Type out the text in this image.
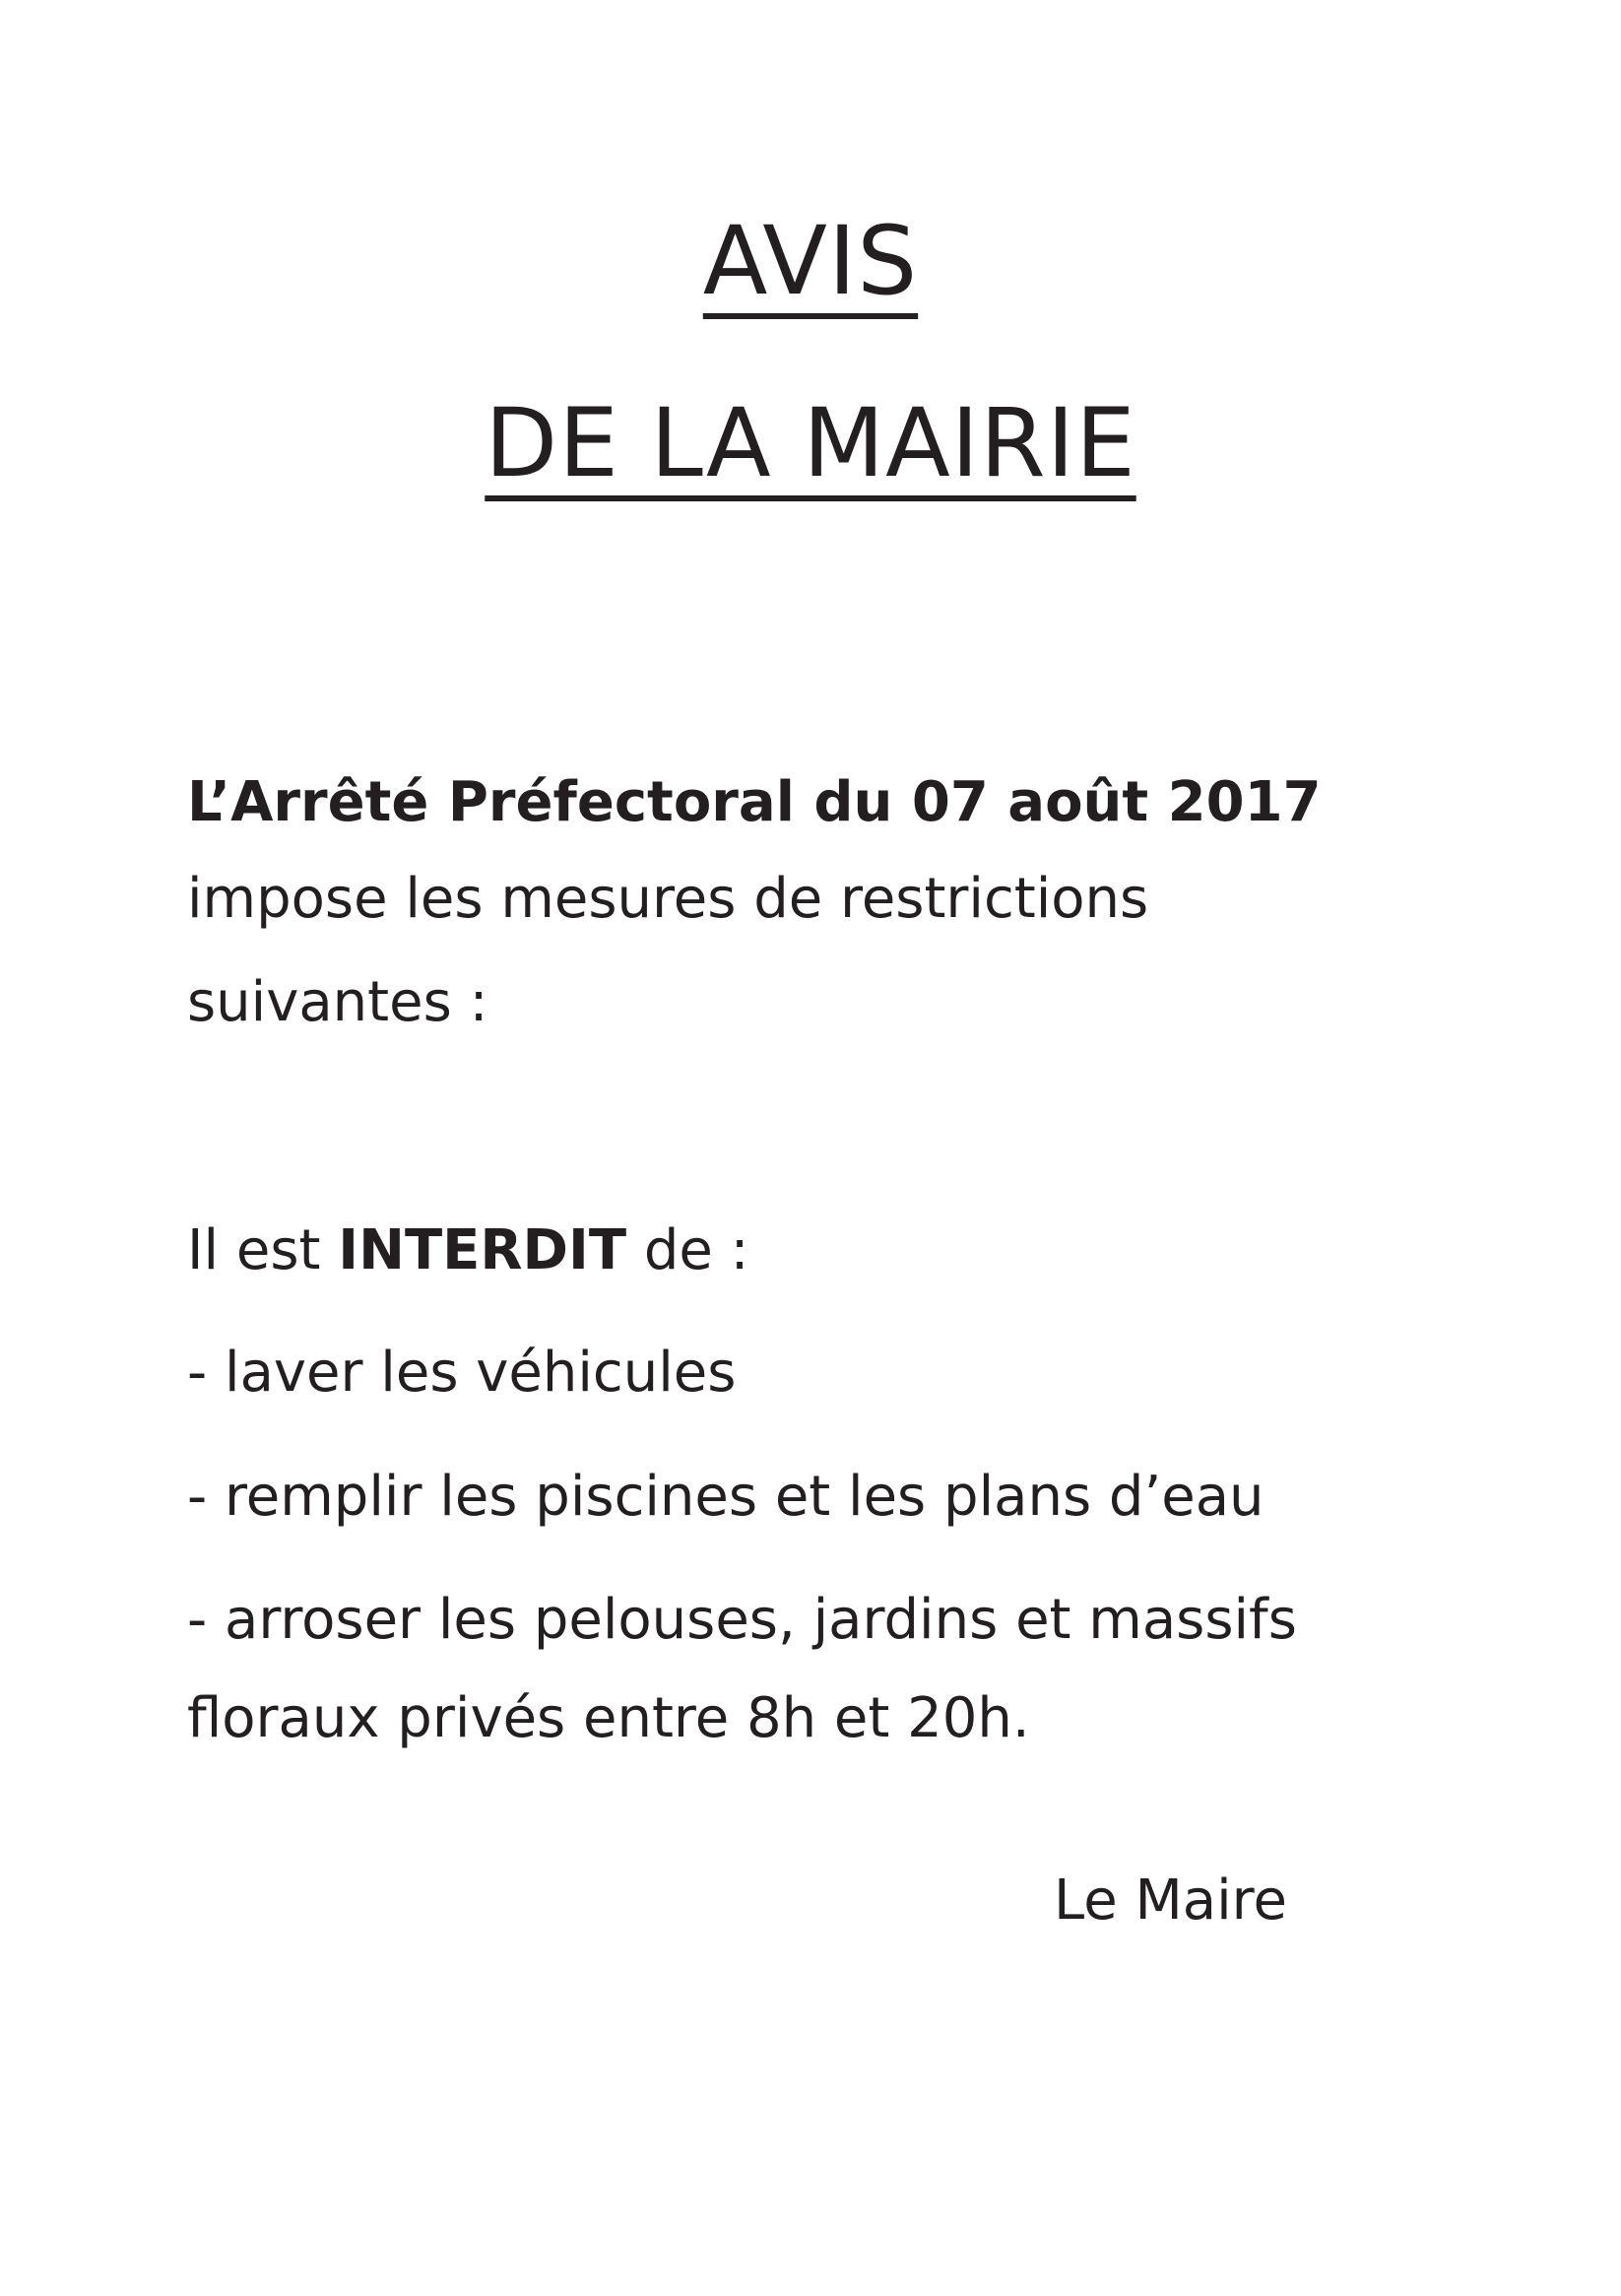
AVIS
DE LA MAIRIE

L’Arrêté Préfectoral du 07 août 2017

impose les mesures de restrictions

suivantes :

Il est INTERDIT de :

- laver les véhicules

- remplir les piscines et les plans d’eau

- arroser les pelouses, jardins et massifs

floraux privés entre 8h et 20h.

Le Maire
